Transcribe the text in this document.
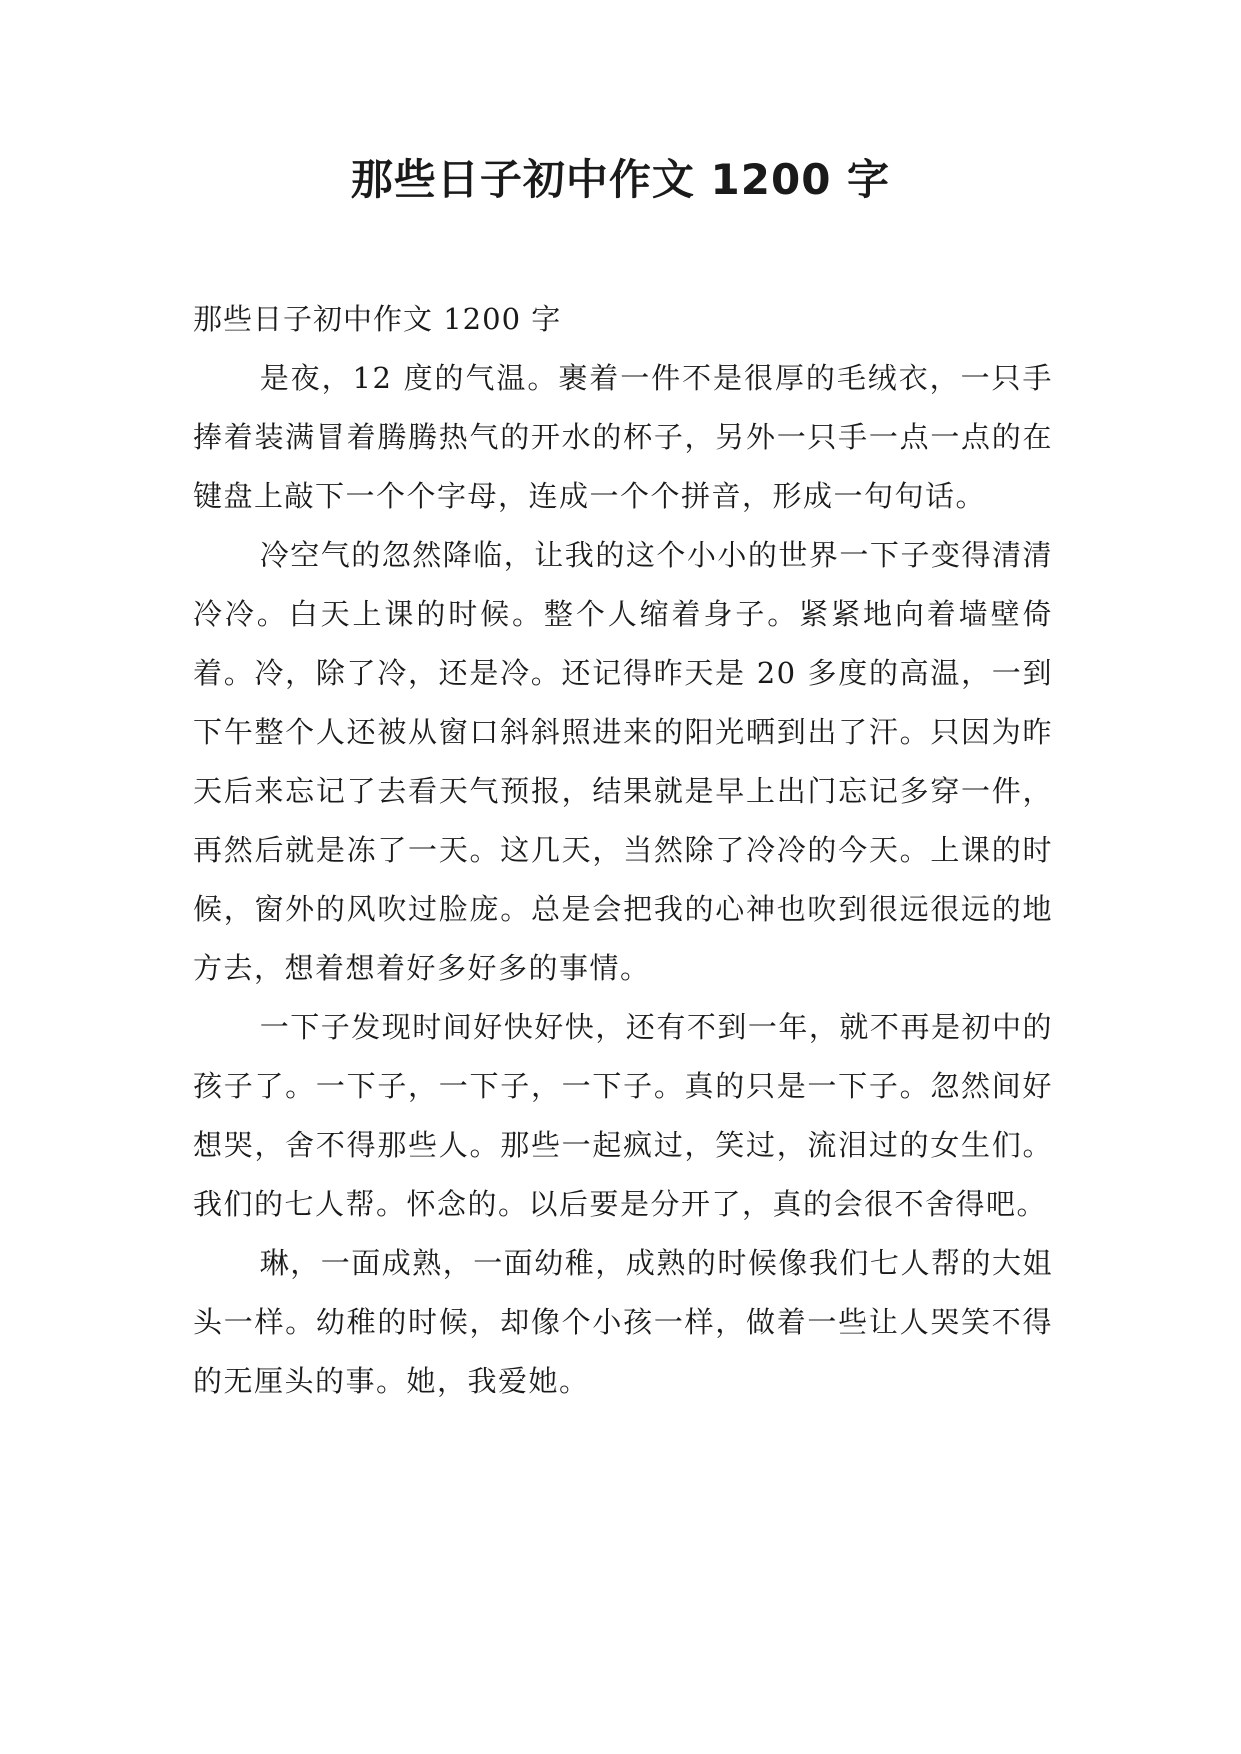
那些日子初中作文 1200 字

那些日子初中作文 1200 字

是夜，12 度的气温。裹着一件不是很厚的毛绒衣，一只手捧着装满冒着腾腾热气的开水的杯子，另外一只手一点一点的在键盘上敲下一个个字母，连成一个个拼音，形成一句句话。

冷空气的忽然降临，让我的这个小小的世界一下子变得清清冷冷。白天上课的时候。整个人缩着身子。紧紧地向着墙壁倚着。冷，除了冷，还是冷。还记得昨天是 20 多度的高温，一到下午整个人还被从窗口斜斜照进来的阳光晒到出了汗。只因为昨天后来忘记了去看天气预报，结果就是早上出门忘记多穿一件，再然后就是冻了一天。这几天，当然除了冷冷的今天。上课的时候，窗外的风吹过脸庞。总是会把我的心神也吹到很远很远的地方去，想着想着好多好多的事情。

一下子发现时间好快好快，还有不到一年，就不再是初中的孩子了。一下子，一下子，一下子。真的只是一下子。忽然间好想哭，舍不得那些人。那些一起疯过，笑过，流泪过的女生们。我们的七人帮。怀念的。以后要是分开了，真的会很不舍得吧。

琳，一面成熟，一面幼稚，成熟的时候像我们七人帮的大姐头一样。幼稚的时候，却像个小孩一样，做着一些让人哭笑不得的无厘头的事。她，我爱她。
